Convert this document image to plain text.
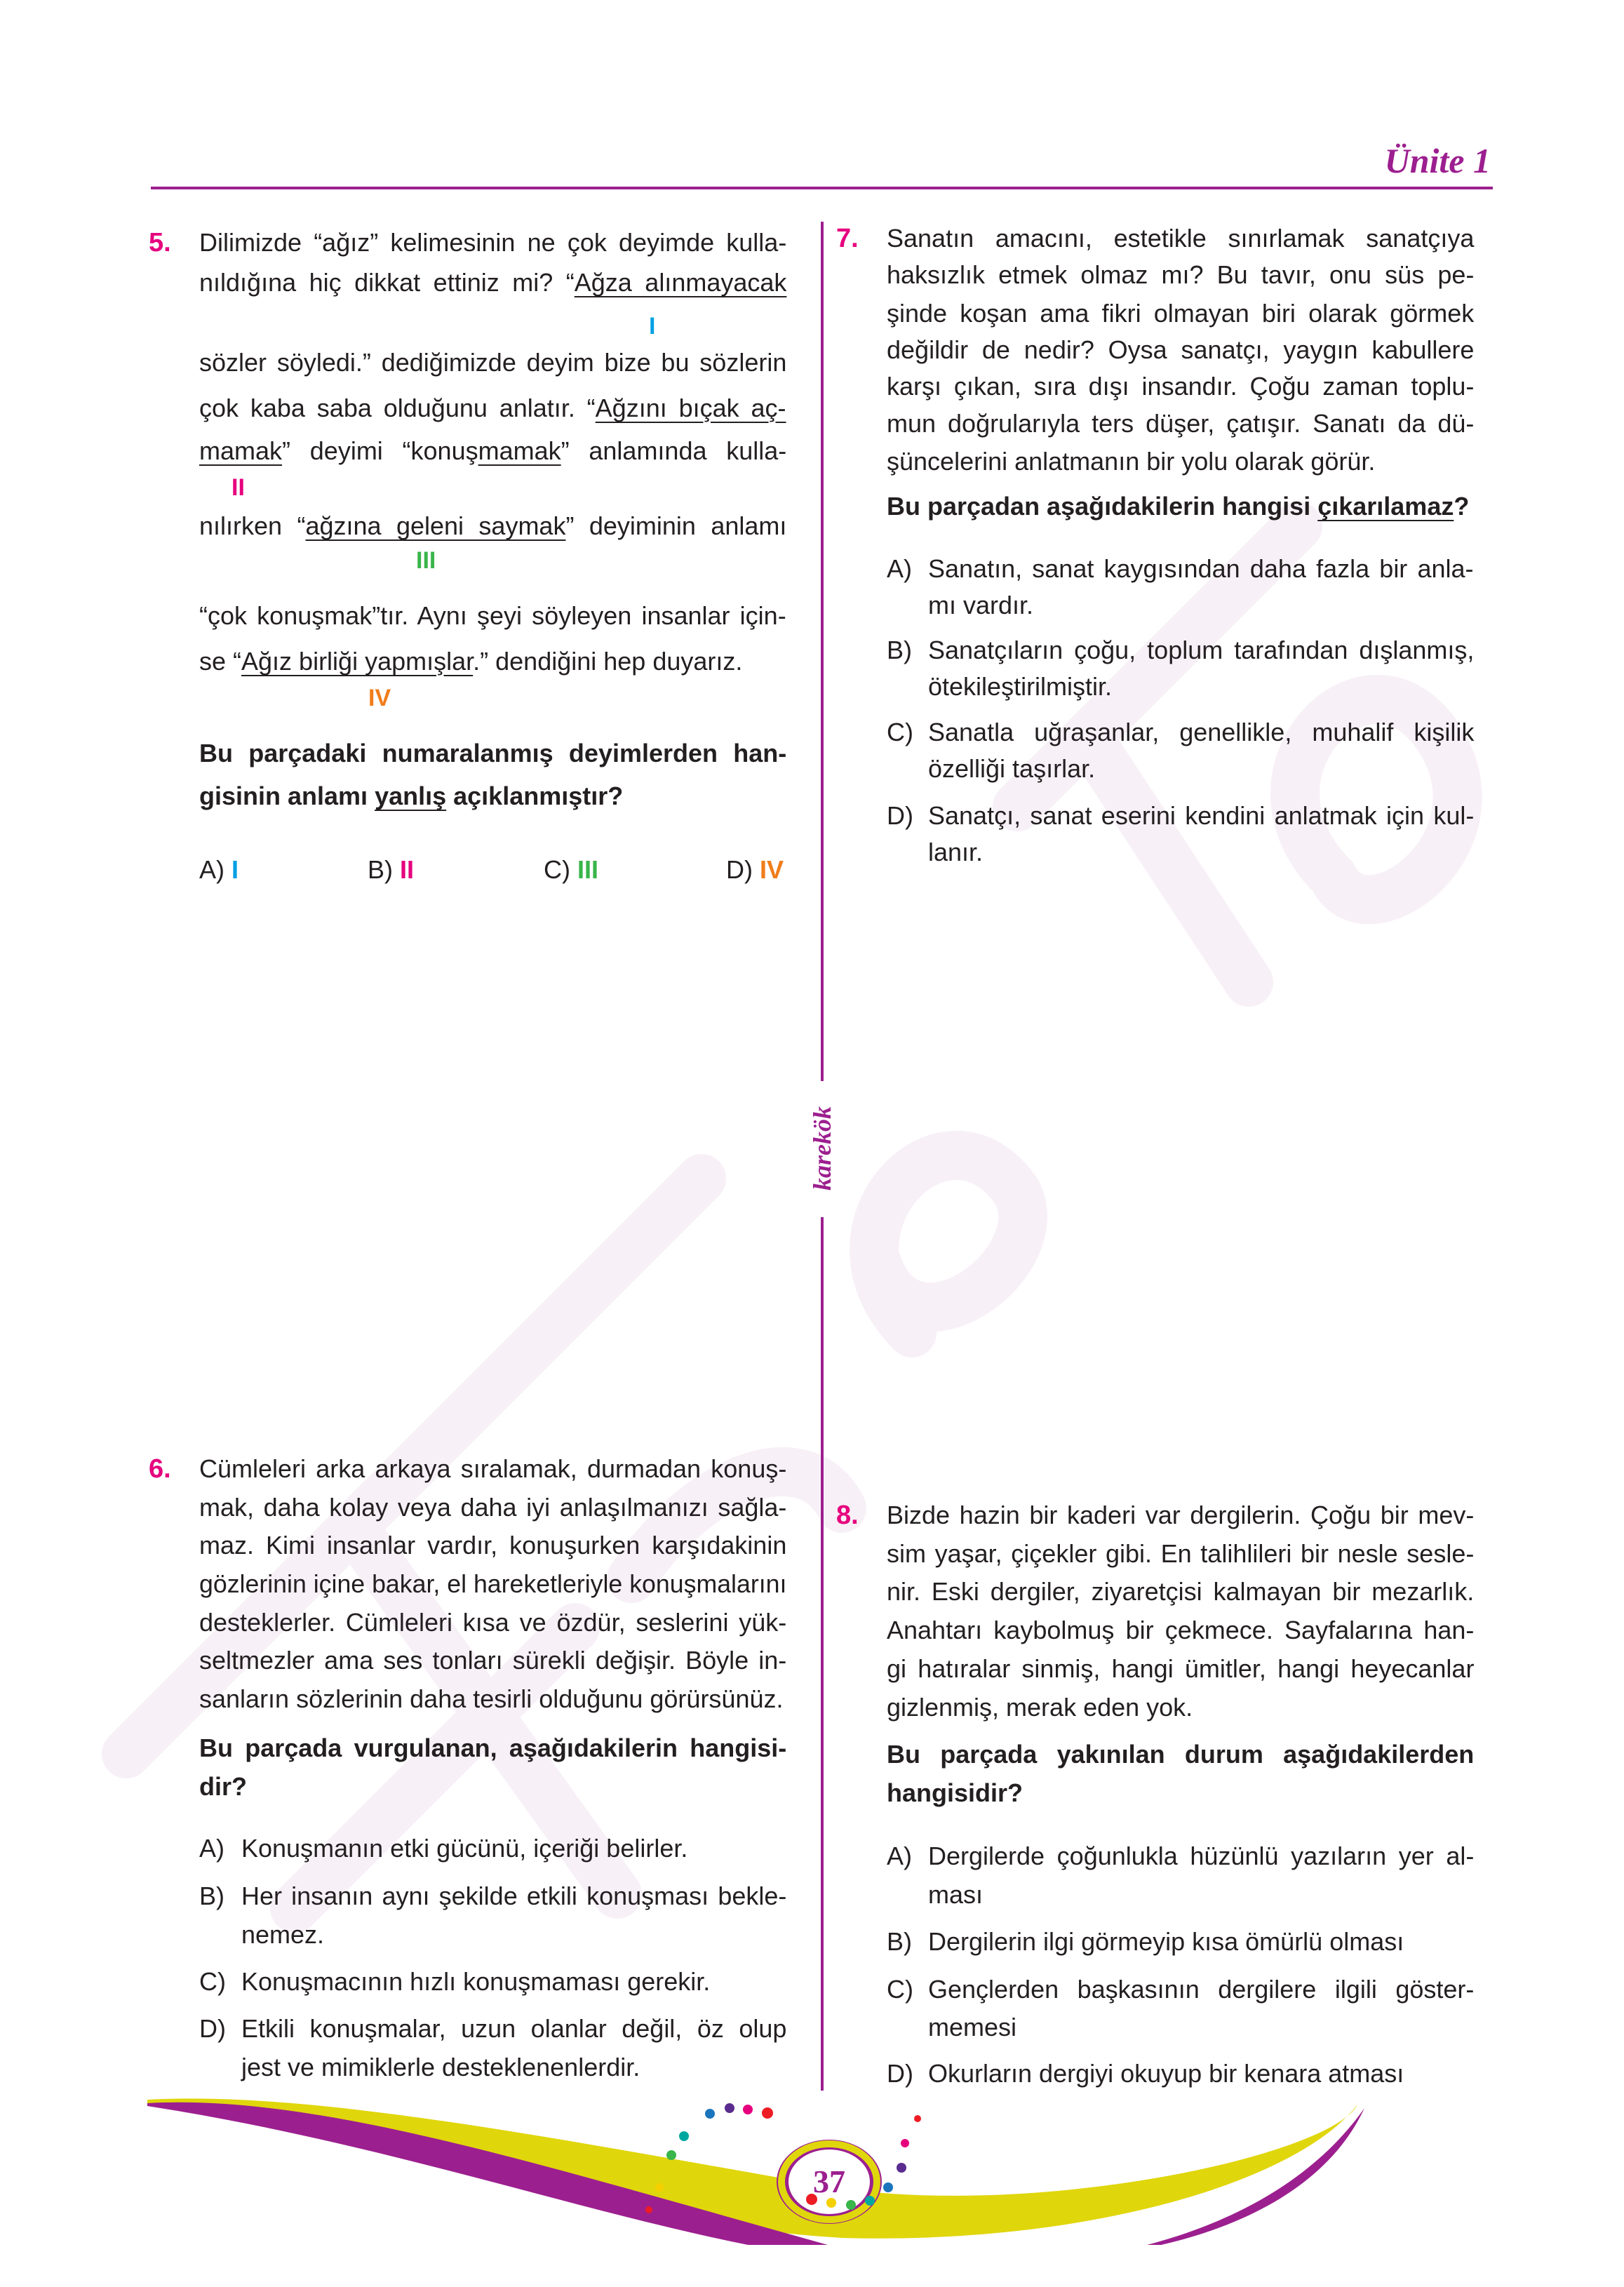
Ünite 1
karekök
5. Dilimizde “ağız” kelimesinin ne çok deyimde kulla-
nıldığına hiç dikkat ettiniz mi? “Ağza alınmayacak
sözler söyledi.” dediğimizde deyim bize bu sözlerin
çok kaba saba olduğunu anlatır. “Ağzını bıçak aç-
mamak” deyimi “konuşmamak” anlamında kulla-
nılırken “ağzına geleni saymak” deyiminin anlamı
“çok konuşmak”tır. Aynı şeyi söyleyen insanlar için-
se “Ağız birliği yapmışlar.” dendiğini hep duyarız.
Bu parçadaki numaralanmış deyimlerden han-
gisinin anlamı yanlış açıklanmıştır?
I
II
III
IV
A) I	B) II	C) III	D) IV
6. Cümleleri arka arkaya sıralamak, durmadan konuş-
mak, daha kolay veya daha iyi anlaşılmanızı sağla-
maz. Kimi insanlar vardır, konuşurken karşıdakinin
gözlerinin içine bakar, el hareketleriyle konuşmalarını
desteklerler. Cümleleri kısa ve özdür, seslerini yük-
seltmezler ama ses tonları sürekli değişir. Böyle in-
sanların sözlerinin daha tesirli olduğunu görürsünüz.
Bu parçada vurgulanan, aşağıdakilerin hangisi-
dir?
A) Konuşmanın etki gücünü, içeriği belirler.
B) Her insanın aynı şekilde etkili konuşması bekle-
nemez.
C) Konuşmacının hızlı konuşmaması gerekir.
D) Etkili konuşmalar, uzun olanlar değil, öz olup
jest ve mimiklerle desteklenenlerdir.
7. Sanatın amacını, estetikle sınırlamak sanatçıya
haksızlık etmek olmaz mı? Bu tavır, onu süs pe-
şinde koşan ama fikri olmayan biri olarak görmek
değildir de nedir? Oysa sanatçı, yaygın kabullere
karşı çıkan, sıra dışı insandır. Çoğu zaman toplu-
mun doğrularıyla ters düşer, çatışır. Sanatı da dü-
şüncelerini anlatmanın bir yolu olarak görür.
Bu parçadan aşağıdakilerin hangisi çıkarılamaz?
A) Sanatın, sanat kaygısından daha fazla bir anla-
mı vardır.
B) Sanatçıların çoğu, toplum tarafından dışlanmış,
ötekileştirilmiştir.
C) Sanatla uğraşanlar, genellikle, muhalif kişilik
özelliği taşırlar.
D) Sanatçı, sanat eserini kendini anlatmak için kul-
lanır.
8. Bizde hazin bir kaderi var dergilerin. Çoğu bir mev-
sim yaşar, çiçekler gibi. En talihlileri bir nesle sesle-
nir. Eski dergiler, ziyaretçisi kalmayan bir mezarlık.
Anahtarı kaybolmuş bir çekmece. Sayfalarına han-
gi hatıralar sinmiş, hangi ümitler, hangi heyecanlar
gizlenmiş, merak eden yok.
Bu parçada yakınılan durum aşağıdakilerden
hangisidir?
A) Dergilerde çoğunlukla hüzünlü yazıların yer al-
ması
B) Dergilerin ilgi görmeyip kısa ömürlü olması
C) Gençlerden başkasının dergilere ilgili göster-
memesi
D) Okurların dergiyi okuyup bir kenara atması
37
